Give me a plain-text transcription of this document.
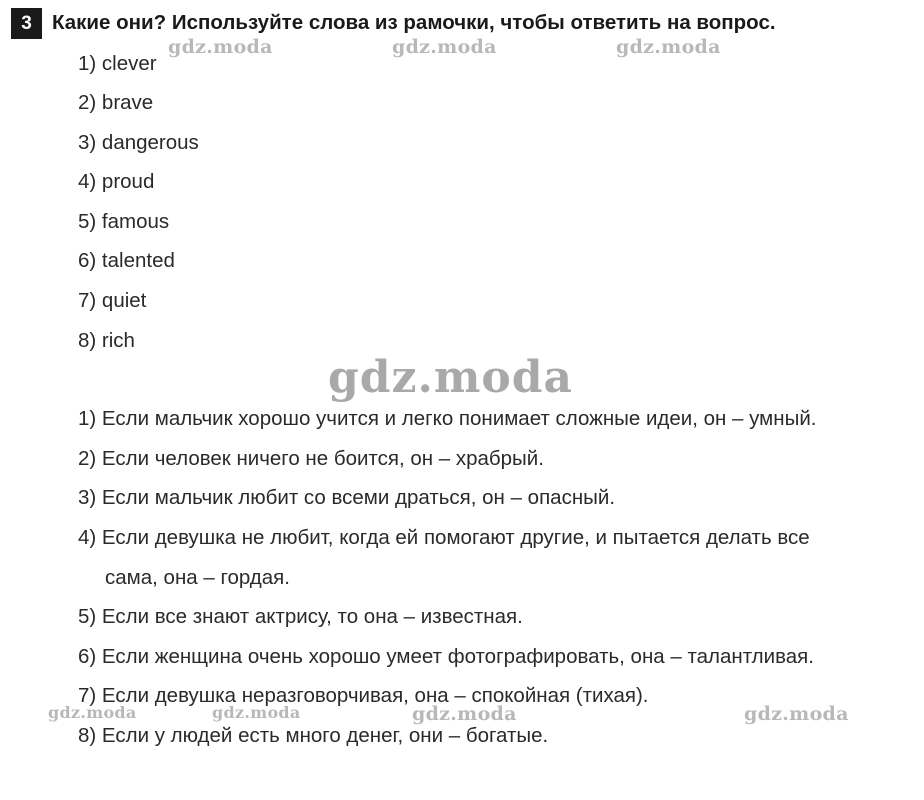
3 Какие они? Используйте слова из рамочки, чтобы ответить на вопрос.
1) clever
2) brave
3) dangerous
4) proud
5) famous
6) talented
7) quiet
8) rich
1) Если мальчик хорошо учится и легко понимает сложные идеи, он – умный.
2) Если человек ничего не боится, он – храбрый.
3) Если мальчик любит со всеми драться, он – опасный.
4) Если девушка не любит, когда ей помогают другие, и пытается делать все
сама, она – гордая.
5) Если все знают актрису, то она – известная.
6) Если женщина очень хорошо умеет фотографировать, она – талантливая.
7) Если девушка неразговорчивая, она – спокойная (тихая).
8) Если у людей есть много денег, они – богатые.
gdz.moda	gdz.moda	gdz.moda
gdz.moda
gdz.moda	gdz.moda	gdz.moda	gdz.moda
